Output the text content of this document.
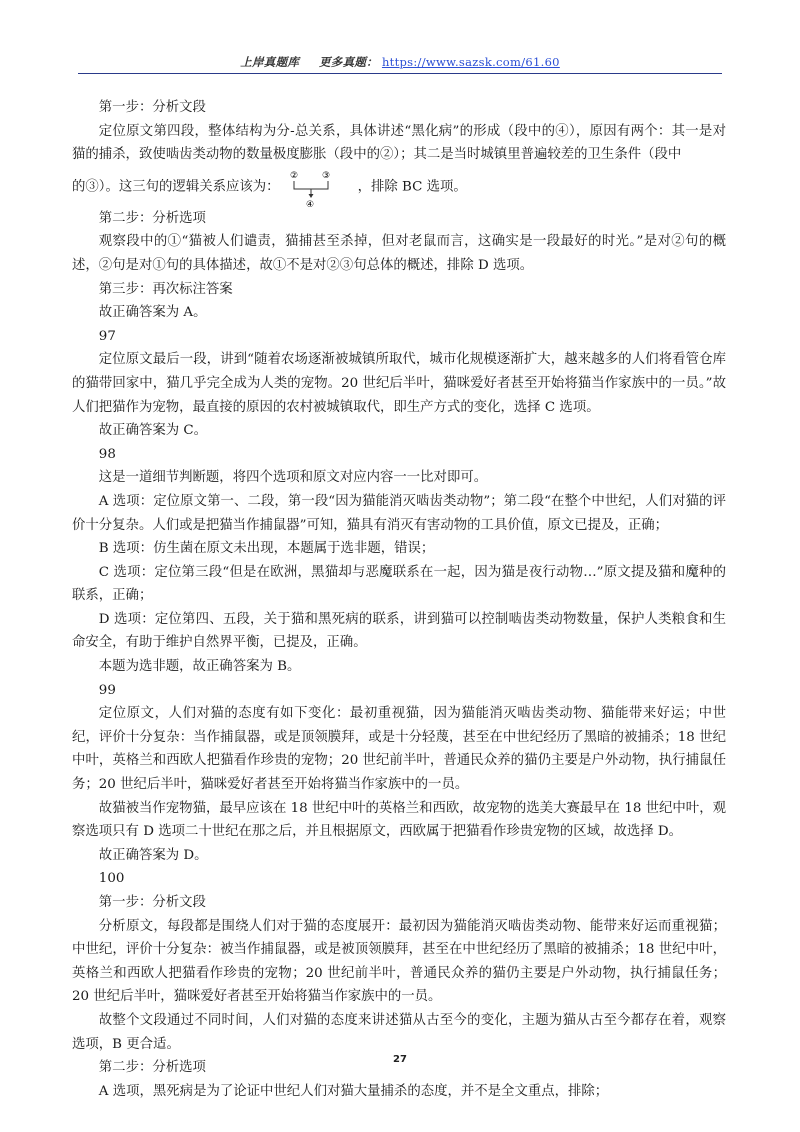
上岸真题库 更多真题： https://www.sazsk.com/61.60

第一步：分析文段

定位原文第四段，整体结构为分-总关系，具体讲述“黑化病”的形成（段中的④），原因有两个：其一是对猫的捕杀，致使啮齿类动物的数量极度膨胀（段中的②）；其二是当时城镇里普遍较差的卫生条件（段中

的③）。这三句的逻辑关系应该为：
②	③
④
，排除 BC 选项。

第二步：分析选项

观察段中的①“猫被人们谴责，猫捕甚至杀掉，但对老鼠而言，这确实是一段最好的时光。”是对②句的概述，②句是对①句的具体描述，故①不是对②③句总体的概述，排除 D 选项。

第三步：再次标注答案

故正确答案为 A。

97

定位原文最后一段，讲到“随着农场逐渐被城镇所取代，城市化规模逐渐扩大，越来越多的人们将看管仓库的猫带回家中，猫几乎完全成为人类的宠物。20 世纪后半叶，猫咪爱好者甚至开始将猫当作家族中的一员。”故人们把猫作为宠物，最直接的原因的农村被城镇取代，即生产方式的变化，选择 C 选项。

故正确答案为 C。

98

这是一道细节判断题，将四个选项和原文对应内容一一比对即可。

A 选项：定位原文第一、二段，第一段“因为猫能消灭啮齿类动物”；第二段“在整个中世纪，人们对猫的评价十分复杂。人们或是把猫当作捕鼠器”可知，猫具有消灭有害动物的工具价值，原文已提及，正确；

B 选项：仿生菌在原文未出现，本题属于选非题，错误；

C 选项：定位第三段“但是在欧洲，黑猫却与恶魔联系在一起，因为猫是夜行动物…”原文提及猫和魔种的联系，正确；

D 选项：定位第四、五段，关于猫和黑死病的联系，讲到猫可以控制啮齿类动物数量，保护人类粮食和生命安全，有助于维护自然界平衡，已提及，正确。

本题为选非题，故正确答案为 B。

99

定位原文，人们对猫的态度有如下变化：最初重视猫，因为猫能消灭啮齿类动物、猫能带来好运；中世纪，评价十分复杂：当作捕鼠器，或是顶领膜拜，或是十分轻蔑，甚至在中世纪经历了黑暗的被捕杀；18 世纪中叶，英格兰和西欧人把猫看作珍贵的宠物；20 世纪前半叶，普通民众养的猫仍主要是户外动物，执行捕鼠任务；20 世纪后半叶，猫咪爱好者甚至开始将猫当作家族中的一员。

故猫被当作宠物猫，最早应该在 18 世纪中叶的英格兰和西欧，故宠物的选美大赛最早在 18 世纪中叶，观察选项只有 D 选项二十世纪在那之后，并且根据原文，西欧属于把猫看作珍贵宠物的区域，故选择 D。

故正确答案为 D。

100

第一步：分析文段

分析原文，每段都是围绕人们对于猫的态度展开：最初因为猫能消灭啮齿类动物、能带来好运而重视猫；中世纪，评价十分复杂：被当作捕鼠器，或是被顶领膜拜，甚至在中世纪经历了黑暗的被捕杀；18 世纪中叶，英格兰和西欧人把猫看作珍贵的宠物；20 世纪前半叶，普通民众养的猫仍主要是户外动物，执行捕鼠任务；20 世纪后半叶，猫咪爱好者甚至开始将猫当作家族中的一员。

故整个文段通过不同时间，人们对猫的态度来讲述猫从古至今的变化，主题为猫从古至今都存在着，观察选项，B 更合适。

第二步：分析选项

A 选项，黑死病是为了论证中世纪人们对猫大量捕杀的态度，并不是全文重点，排除；

27
